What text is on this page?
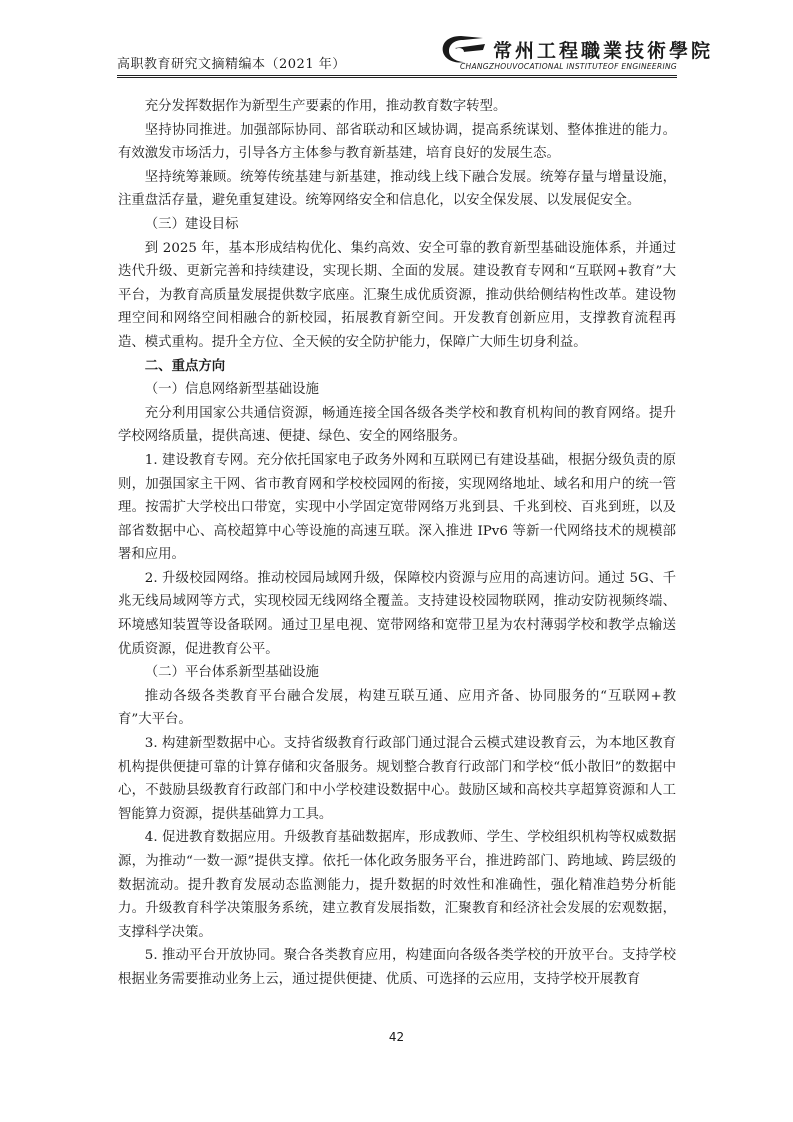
高职教育研究文摘精编本（2021 年）
常州工程職業技術學院
CHANGZHOUVOCATIONAL INSTITUTEOF ENGINEERING

充分发挥数据作为新型生产要素的作用，推动教育数字转型。

坚持协同推进。加强部际协同、部省联动和区域协调，提高系统谋划、整体推进的能力。有效激发市场活力，引导各方主体参与教育新基建，培育良好的发展生态。

坚持统筹兼顾。统筹传统基建与新基建，推动线上线下融合发展。统筹存量与增量设施，注重盘活存量，避免重复建设。统筹网络安全和信息化，以安全保发展、以发展促安全。

（三）建设目标

到 2025 年，基本形成结构优化、集约高效、安全可靠的教育新型基础设施体系，并通过迭代升级、更新完善和持续建设，实现长期、全面的发展。建设教育专网和“互联网+教育”大平台，为教育高质量发展提供数字底座。汇聚生成优质资源，推动供给侧结构性改革。建设物理空间和网络空间相融合的新校园，拓展教育新空间。开发教育创新应用，支撑教育流程再造、模式重构。提升全方位、全天候的安全防护能力，保障广大师生切身利益。

二、重点方向

（一）信息网络新型基础设施

充分利用国家公共通信资源，畅通连接全国各级各类学校和教育机构间的教育网络。提升学校网络质量，提供高速、便捷、绿色、安全的网络服务。

1. 建设教育专网。充分依托国家电子政务外网和互联网已有建设基础，根据分级负责的原则，加强国家主干网、省市教育网和学校校园网的衔接，实现网络地址、域名和用户的统一管理。按需扩大学校出口带宽，实现中小学固定宽带网络万兆到县、千兆到校、百兆到班，以及部省数据中心、高校超算中心等设施的高速互联。深入推进 IPv6 等新一代网络技术的规模部署和应用。

2. 升级校园网络。推动校园局域网升级，保障校内资源与应用的高速访问。通过 5G、千兆无线局域网等方式，实现校园无线网络全覆盖。支持建设校园物联网，推动安防视频终端、环境感知装置等设备联网。通过卫星电视、宽带网络和宽带卫星为农村薄弱学校和教学点输送优质资源，促进教育公平。

（二）平台体系新型基础设施

推动各级各类教育平台融合发展，构建互联互通、应用齐备、协同服务的“互联网+教育”大平台。

3. 构建新型数据中心。支持省级教育行政部门通过混合云模式建设教育云，为本地区教育机构提供便捷可靠的计算存储和灾备服务。规划整合教育行政部门和学校“低小散旧”的数据中心，不鼓励县级教育行政部门和中小学校建设数据中心。鼓励区域和高校共享超算资源和人工智能算力资源，提供基础算力工具。

4. 促进教育数据应用。升级教育基础数据库，形成教师、学生、学校组织机构等权威数据源，为推动“一数一源”提供支撑。依托一体化政务服务平台，推进跨部门、跨地域、跨层级的数据流动。提升教育发展动态监测能力，提升数据的时效性和准确性，强化精准趋势分析能力。升级教育科学决策服务系统，建立教育发展指数，汇聚教育和经济社会发展的宏观数据，支撑科学决策。

5. 推动平台开放协同。聚合各类教育应用，构建面向各级各类学校的开放平台。支持学校根据业务需要推动业务上云，通过提供便捷、优质、可选择的云应用，支持学校开展教育

42
